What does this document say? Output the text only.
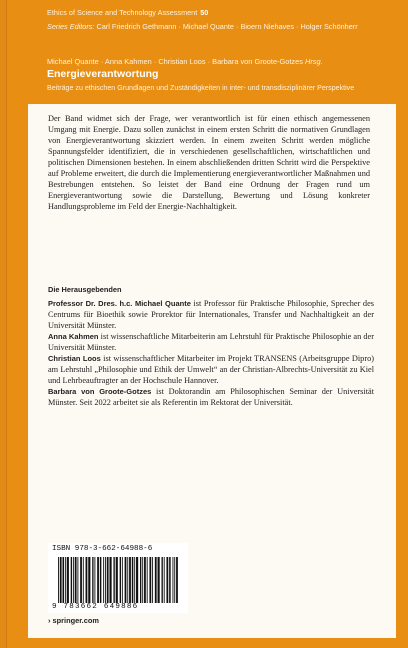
Ethics of Science and Technology Assessment 50
Series Editors: Carl Friedrich Gethmann · Michael Quante · Bioern Niehaves · Holger Schönherr
Michael Quante · Anna Kahmen · Christian Loos · Barbara von Groote-Gotzes Hrsg.
Energieverantwortung
Beiträge zu ethischen Grundlagen und Zuständigkeiten in inter- und transdisziplinärer Perspektive

Der Band widmet sich der Frage, wer verantwortlich ist für einen ethisch angemessenen Umgang mit Energie. Dazu sollen zunächst in einem ersten Schritt die normativen Grundlagen von Energieverantwortung skizziert werden. In einem zweiten Schritt werden mögliche Spannungsfelder identifiziert, die in verschiedenen gesellschaftlichen, wirtschaftlichen und politischen Dimensionen bestehen. In einem abschließenden dritten Schritt wird die Perspektive auf Probleme erweitert, die durch die Implementierung energieverantwortlicher Maßnahmen und Bestrebungen entstehen. So leistet der Band eine Ordnung der Fragen rund um Energieverantwortung sowie die Darstellung, Bewertung und Lösung konkreter Handlungsprobleme im Feld der Energie-Nachhaltigkeit.

Die Herausgebenden

Professor Dr. Dres. h.c. Michael Quante ist Professor für Praktische Philosophie, Sprecher des Centrums für Bioethik sowie Prorektor für Internationales, Transfer und Nachhaltigkeit an der Universität Münster.

Anna Kahmen ist wissenschaftliche Mitarbeiterin am Lehrstuhl für Praktische Philosophie an der Universität Münster.

Christian Loos ist wissenschaftlicher Mitarbeiter im Projekt TRANSENS (Arbeitsgruppe Dipro) am Lehrstuhl „Philosophie und Ethik der Umwelt“ an der Christian-Albrechts-Universität zu Kiel und Lehrbeauftragter an der Hochschule Hannover.

Barbara von Groote-Gotzes ist Doktorandin am Philosophischen Seminar der Universität Münster. Seit 2022 arbeitet sie als Referentin im Rektorat der Universität.

ISBN 978-3-662-64988-6
9 783662 649886
› springer.com
